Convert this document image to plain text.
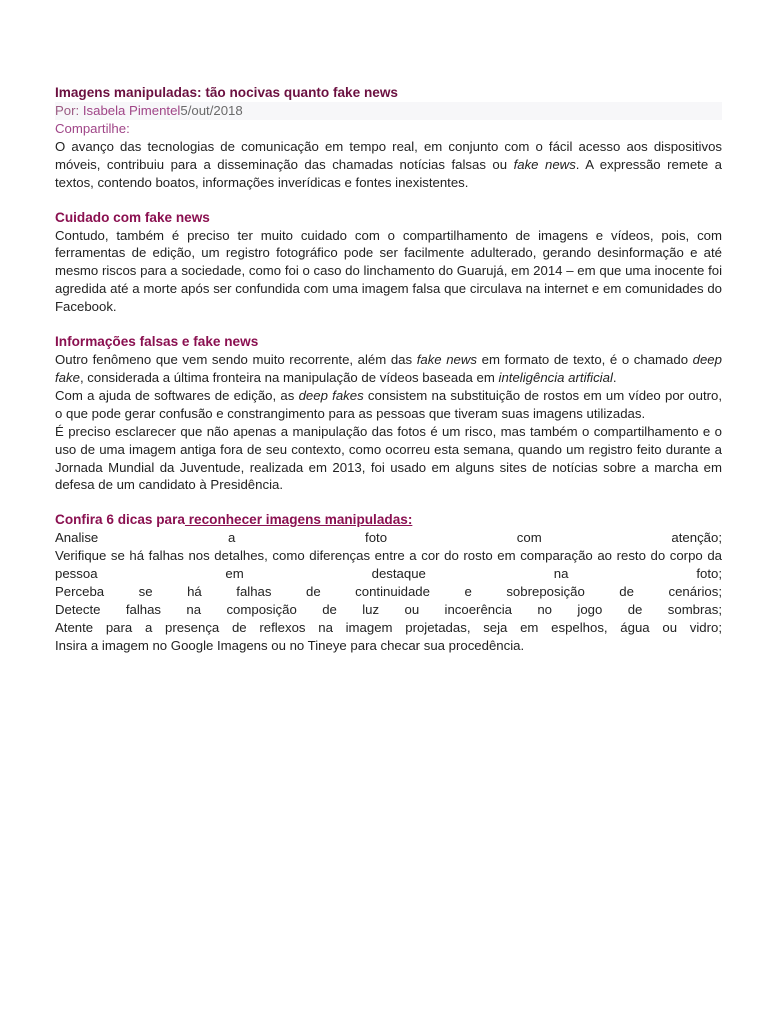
Imagens manipuladas: tão nocivas quanto fake news

Por: Isabela Pimentel5/out/2018

Compartilhe:

O avanço das tecnologias de comunicação em tempo real, em conjunto com o fácil acesso aos dispositivos móveis, contribuiu para a disseminação das chamadas notícias falsas ou fake news. A expressão remete a textos, contendo boatos, informações inverídicas e fontes inexistentes.

Cuidado com fake news

Contudo, também é preciso ter muito cuidado com o compartilhamento de imagens e vídeos, pois, com ferramentas de edição, um registro fotográfico pode ser facilmente adulterado, gerando desinformação e até mesmo riscos para a sociedade, como foi o caso do linchamento do Guarujá, em 2014 – em que uma inocente foi agredida até a morte após ser confundida com uma imagem falsa que circulava na internet e em comunidades do Facebook.

Informações falsas e fake news

Outro fenômeno que vem sendo muito recorrente, além das fake news em formato de texto, é o chamado deep fake, considerada a última fronteira na manipulação de vídeos baseada em inteligência artificial.

Com a ajuda de softwares de edição, as deep fakes consistem na substituição de rostos em um vídeo por outro, o que pode gerar confusão e constrangimento para as pessoas que tiveram suas imagens utilizadas.

É preciso esclarecer que não apenas a manipulação das fotos é um risco, mas também o compartilhamento e o uso de uma imagem antiga fora de seu contexto, como ocorreu esta semana, quando um registro feito durante a Jornada Mundial da Juventude, realizada em 2013, foi usado em alguns sites de notícias sobre a marcha em defesa de um candidato à Presidência.

Confira 6 dicas para reconhecer imagens manipuladas:

Analise a foto com atenção;

Verifique se há falhas nos detalhes, como diferenças entre a cor do rosto em comparação ao resto do corpo da pessoa em destaque na foto;

Perceba se há falhas de continuidade e sobreposição de cenários;

Detecte falhas na composição de luz ou incoerência no jogo de sombras;

Atente para a presença de reflexos na imagem projetadas, seja em espelhos, água ou vidro;

Insira a imagem no Google Imagens ou no Tineye para checar sua procedência.
